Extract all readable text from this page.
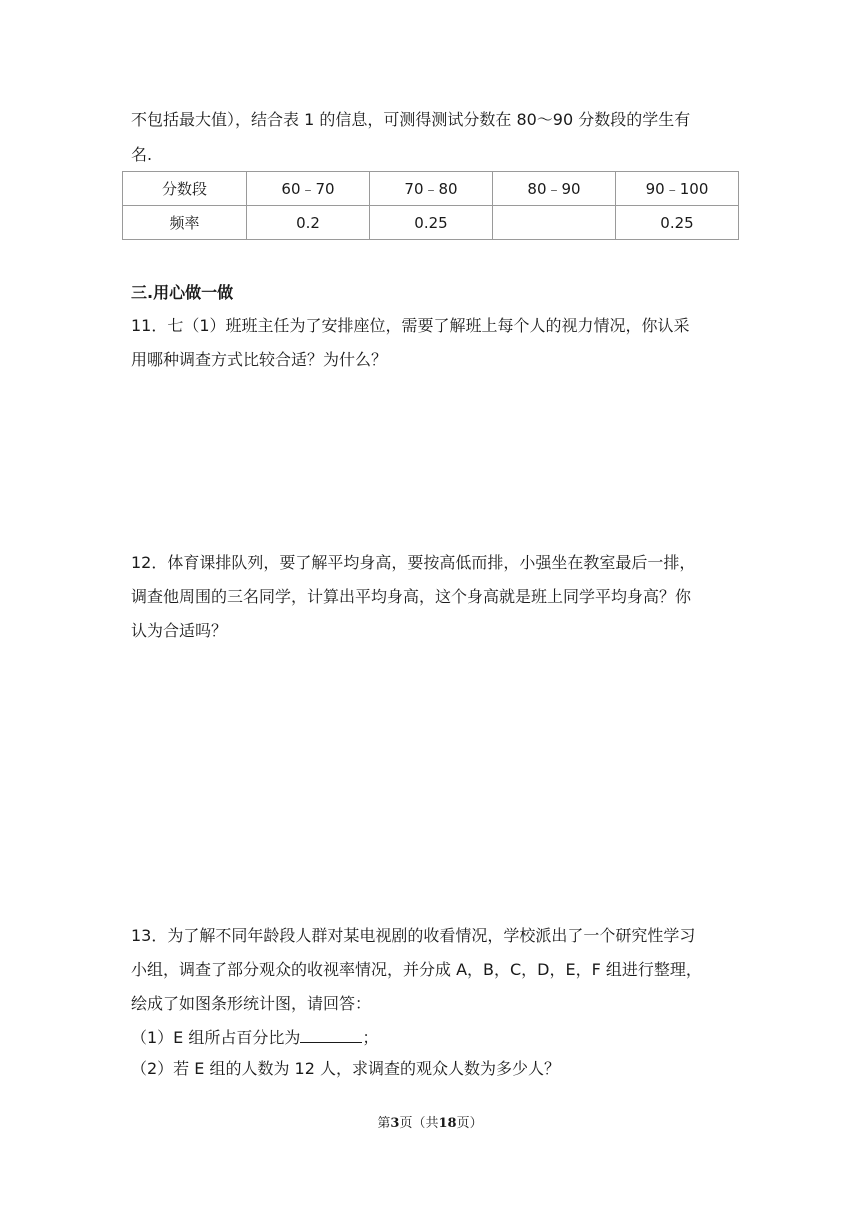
不包括最大值），结合表 1 的信息，可测得测试分数在 80～90 分数段的学生有
名.
分数段	60﹣70	70﹣80	80﹣90	90﹣100
频率	0.2	0.25		0.25
三.用心做一做
11．七（1）班班主任为了安排座位，需要了解班上每个人的视力情况，你认采
用哪种调查方式比较合适？为什么？
12．体育课排队列，要了解平均身高，要按高低而排，小强坐在教室最后一排，
调查他周围的三名同学，计算出平均身高，这个身高就是班上同学平均身高？你
认为合适吗？
13．为了解不同年龄段人群对某电视剧的收看情况，学校派出了一个研究性学习
小组，调查了部分观众的收视率情况，并分成 A，B，C，D，E，F 组进行整理，
绘成了如图条形统计图，请回答：
（1）E 组所占百分比为	；
（2）若 E 组的人数为 12 人，求调查的观众人数为多少人？
第3页（共18页）
